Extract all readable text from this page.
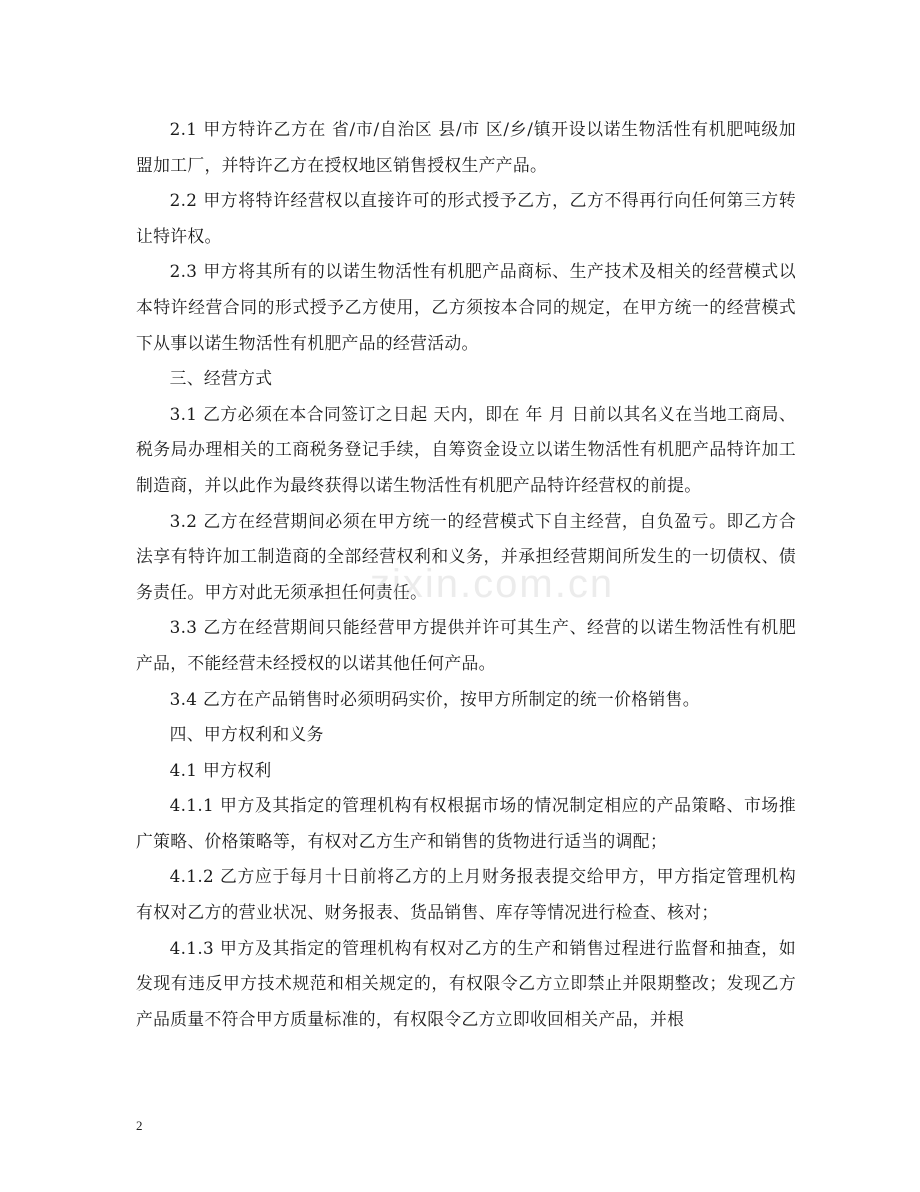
2.1 甲方特许乙方在 省/市/自治区 县/市 区/乡/镇开设以诺生物活性有机肥吨级加盟加工厂，并特许乙方在授权地区销售授权生产产品。

2.2 甲方将特许经营权以直接许可的形式授予乙方，乙方不得再行向任何第三方转让特许权。

2.3 甲方将其所有的以诺生物活性有机肥产品商标、生产技术及相关的经营模式以本特许经营合同的形式授予乙方使用，乙方须按本合同的规定，在甲方统一的经营模式下从事以诺生物活性有机肥产品的经营活动。

三、经营方式

3.1 乙方必须在本合同签订之日起 天内，即在 年 月 日前以其名义在当地工商局、税务局办理相关的工商税务登记手续，自筹资金设立以诺生物活性有机肥产品特许加工制造商，并以此作为最终获得以诺生物活性有机肥产品特许经营权的前提。

3.2 乙方在经营期间必须在甲方统一的经营模式下自主经营，自负盈亏。即乙方合法享有特许加工制造商的全部经营权利和义务，并承担经营期间所发生的一切债权、债务责任。甲方对此无须承担任何责任。

3.3 乙方在经营期间只能经营甲方提供并许可其生产、经营的以诺生物活性有机肥产品，不能经营未经授权的以诺其他任何产品。

3.4 乙方在产品销售时必须明码实价，按甲方所制定的统一价格销售。

四、甲方权利和义务

4.1 甲方权利

4.1.1 甲方及其指定的管理机构有权根据市场的情况制定相应的产品策略、市场推广策略、价格策略等，有权对乙方生产和销售的货物进行适当的调配；

4.1.2 乙方应于每月十日前将乙方的上月财务报表提交给甲方，甲方指定管理机构有权对乙方的营业状况、财务报表、货品销售、库存等情况进行检查、核对；

4.1.3 甲方及其指定的管理机构有权对乙方的生产和销售过程进行监督和抽查，如发现有违反甲方技术规范和相关规定的，有权限令乙方立即禁止并限期整改；发现乙方产品质量不符合甲方质量标准的，有权限令乙方立即收回相关产品，并根

zixin.com.cn
2
